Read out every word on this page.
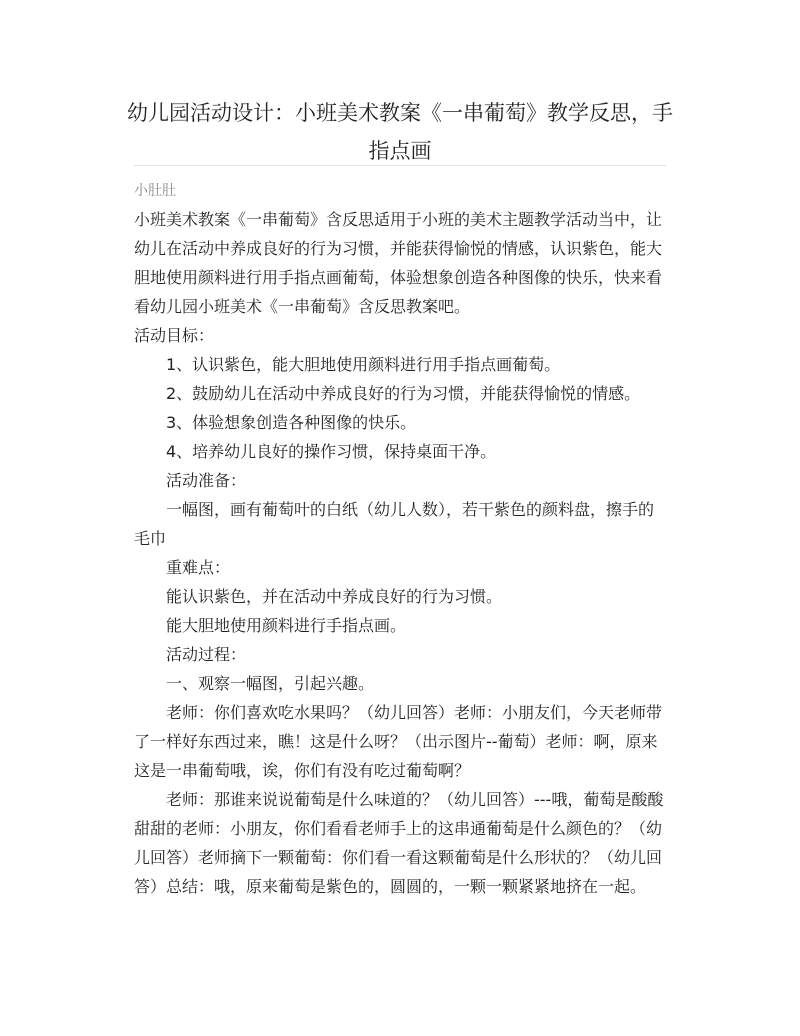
幼儿园活动设计：小班美术教案《一串葡萄》教学反思，手指点画
小肚肚

小班美术教案《一串葡萄》含反思适用于小班的美术主题教学活动当中，让幼儿在活动中养成良好的行为习惯，并能获得愉悦的情感，认识紫色，能大胆地使用颜料进行用手指点画葡萄，体验想象创造各种图像的快乐，快来看看幼儿园小班美术《一串葡萄》含反思教案吧。

活动目标：

1、认识紫色，能大胆地使用颜料进行用手指点画葡萄。

2、鼓励幼儿在活动中养成良好的行为习惯，并能获得愉悦的情感。

3、体验想象创造各种图像的快乐。

4、培养幼儿良好的操作习惯，保持桌面干净。

活动准备：

一幅图，画有葡萄叶的白纸（幼儿人数），若干紫色的颜料盘，擦手的毛巾

重难点：

能认识紫色，并在活动中养成良好的行为习惯。

能大胆地使用颜料进行手指点画。

活动过程：

一、观察一幅图，引起兴趣。

老师：你们喜欢吃水果吗？（幼儿回答）老师：小朋友们，今天老师带了一样好东西过来，瞧！这是什么呀？（出示图片--葡萄）老师：啊，原来这是一串葡萄哦，诶，你们有没有吃过葡萄啊？

老师：那谁来说说葡萄是什么味道的？（幼儿回答）---哦，葡萄是酸酸甜甜的老师：小朋友，你们看看老师手上的这串通葡萄是什么颜色的？（幼儿回答）老师摘下一颗葡萄：你们看一看这颗葡萄是什么形状的？（幼儿回答）总结：哦，原来葡萄是紫色的，圆圆的，一颗一颗紧紧地挤在一起。
